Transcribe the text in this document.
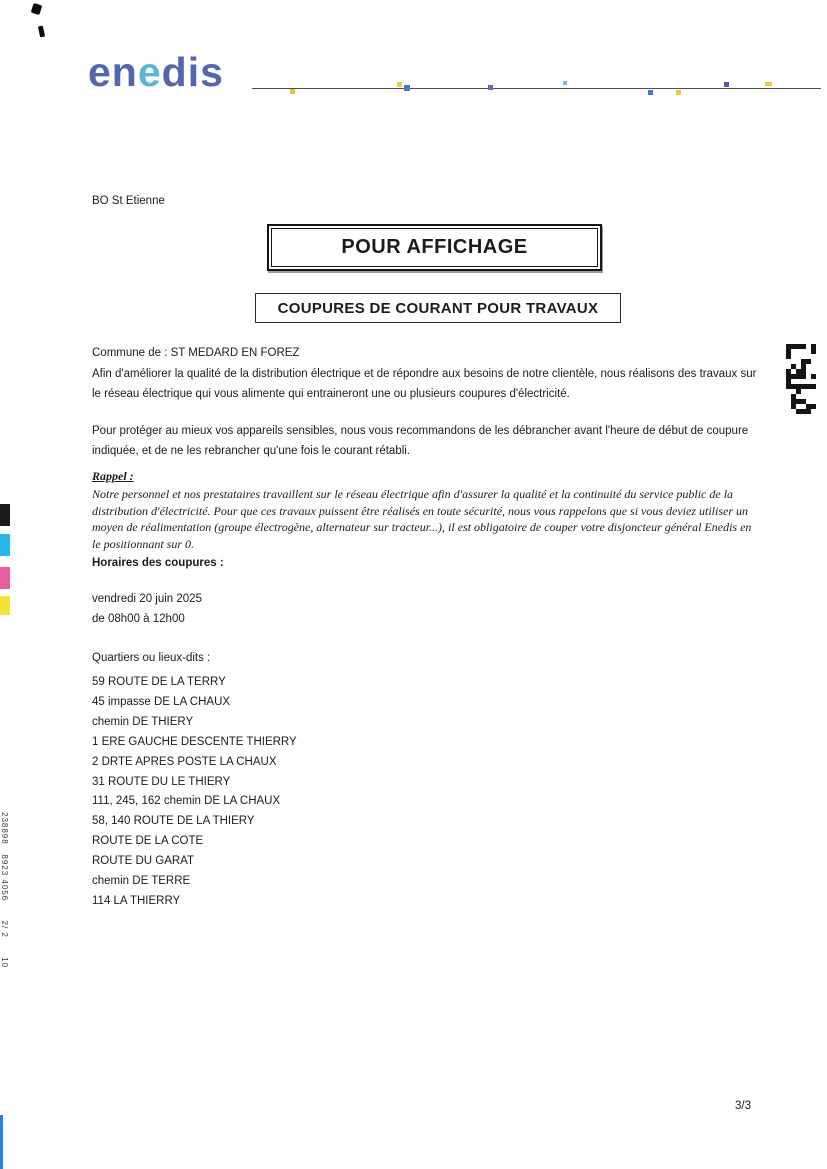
enedis
BO St Etienne
POUR AFFICHAGE
COUPURES DE COURANT POUR TRAVAUX

Commune de : ST MEDARD EN FOREZ

Afin d'améliorer la qualité de la distribution électrique et de répondre aux besoins de notre clientèle, nous réalisons des travaux sur le réseau électrique qui vous alimente qui entraineront une ou plusieurs coupures d'électricité.

Pour protéger au mieux vos appareils sensibles, nous vous recommandons de les débrancher avant l'heure de début de coupure indiquée, et de ne les rebrancher qu'une fois le courant rétabli.

Rappel :

Notre personnel et nos prestataires travaillent sur le réseau électrique afin d'assurer la qualité et la continuité du service public de la distribution d'électricité. Pour que ces travaux puissent être réalisés en toute sécurité, nous vous rappelons que si vous deviez utiliser un moyen de réalimentation (groupe électrogène, alternateur sur tracteur...), il est obligatoire de couper votre disjoncteur général Enedis en le positionnant sur 0.

Horaires des coupures :

vendredi 20 juin 2025

de 08h00 à 12h00

Quartiers ou lieux-dits :

59 ROUTE DE LA TERRY
45 impasse DE LA CHAUX
chemin DE THIERY
1 ERE GAUCHE DESCENTE THIERRY
2 DRTE APRES POSTE LA CHAUX
31 ROUTE DU LE THIERY
111, 245, 162 chemin DE LA CHAUX
58, 140 ROUTE DE LA THIERY
ROUTE DE LA COTE
ROUTE DU GARAT
chemin DE TERRE
114 LA THIERRY
238898   8923 4056      2/ 2      10
3/3
